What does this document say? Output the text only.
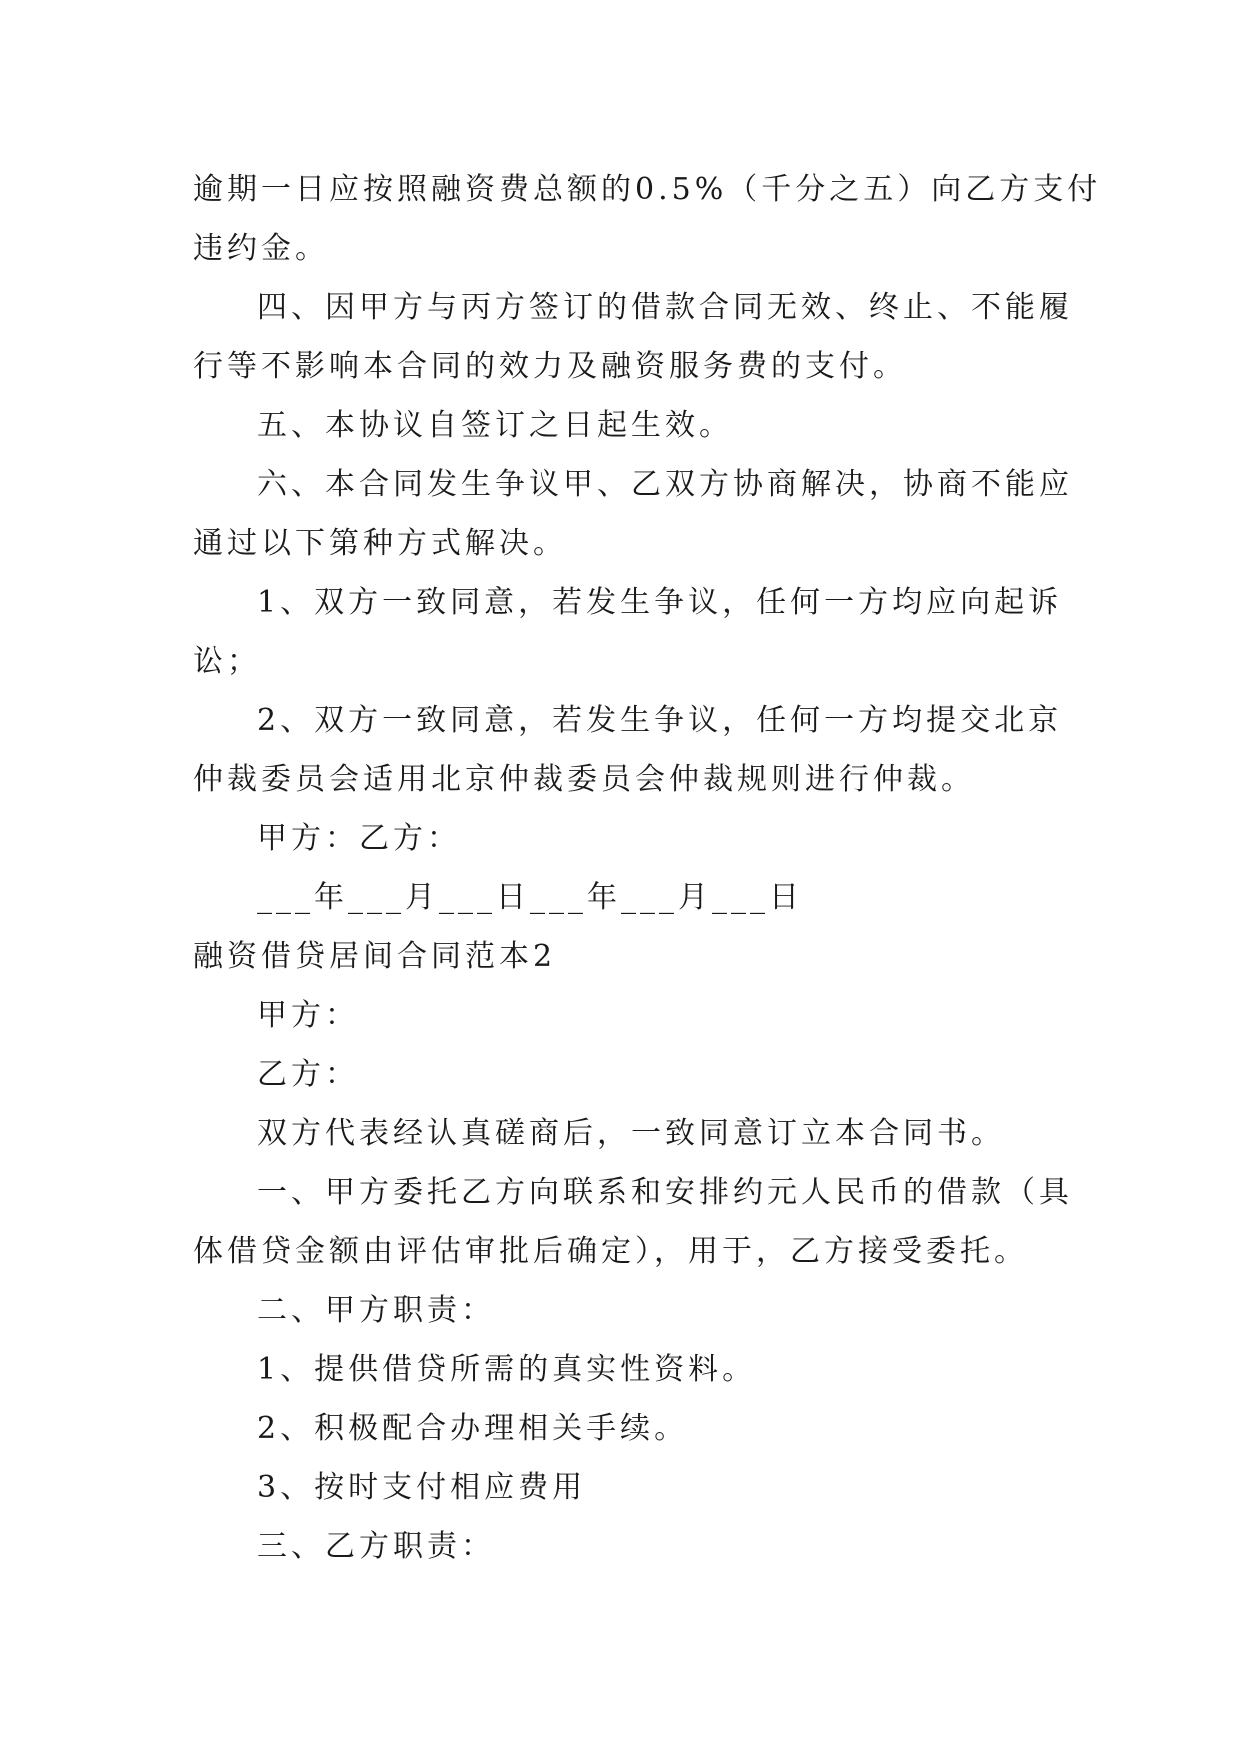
逾期一日应按照融资费总额的0.5%（千分之五）向乙方支付

违约金。

四、因甲方与丙方签订的借款合同无效、终止、不能履

行等不影响本合同的效力及融资服务费的支付。

五、本协议自签订之日起生效。

六、本合同发生争议甲、乙双方协商解决，协商不能应

通过以下第种方式解决。

1、双方一致同意，若发生争议，任何一方均应向起诉

讼；

2、双方一致同意，若发生争议，任何一方均提交北京

仲裁委员会适用北京仲裁委员会仲裁规则进行仲裁。

甲方：乙方：

___年___月___日___年___月___日

融资借贷居间合同范本2

甲方：

乙方：

双方代表经认真磋商后，一致同意订立本合同书。

一、甲方委托乙方向联系和安排约元人民币的借款（具

体借贷金额由评估审批后确定），用于，乙方接受委托。

二、甲方职责：

1、提供借贷所需的真实性资料。

2、积极配合办理相关手续。

3、按时支付相应费用

三、乙方职责：
